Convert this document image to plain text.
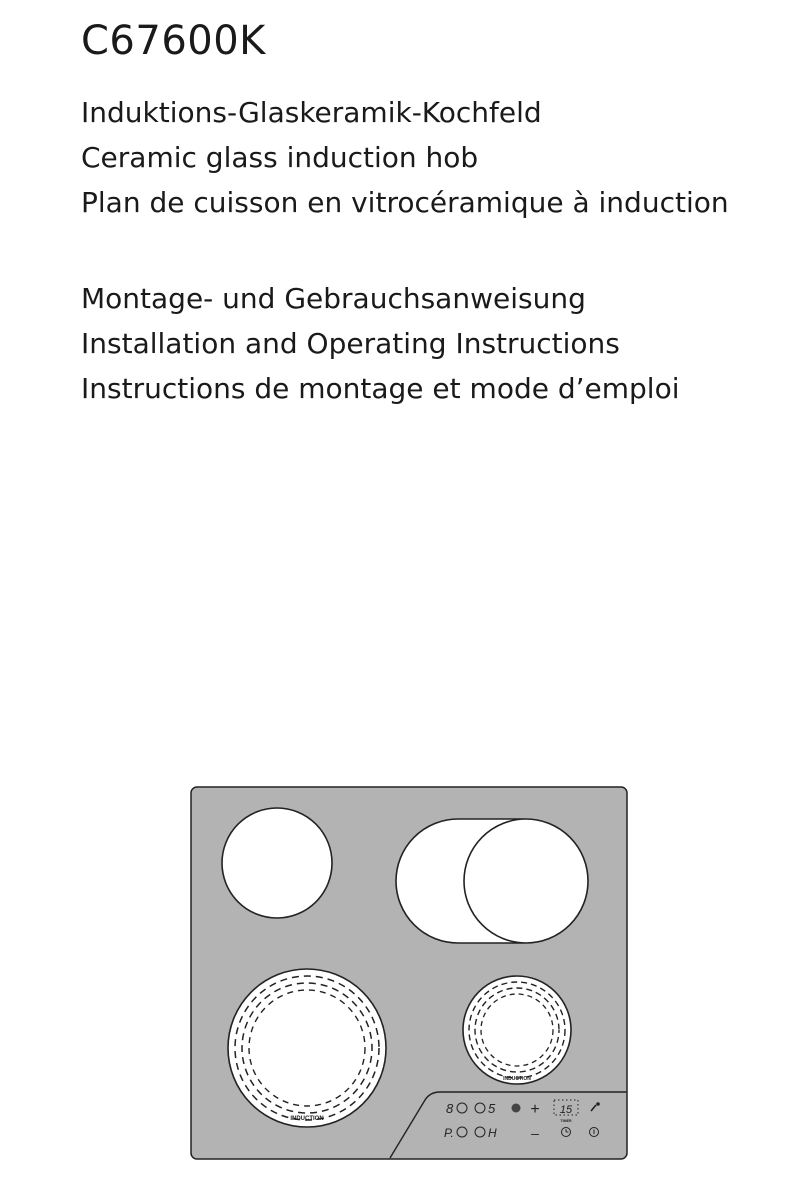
C67600K
Induktions-Glaskeramik-Kochfeld
Ceramic glass induction hob
Plan de cuisson en vitrocéramique à induction
Montage- und Gebrauchsanweisung
Installation and Operating Instructions
Instructions de montage et mode d’emploi
INDUCTION
INDUCTION
8	5
P.	H
+
–
15
TIMER
